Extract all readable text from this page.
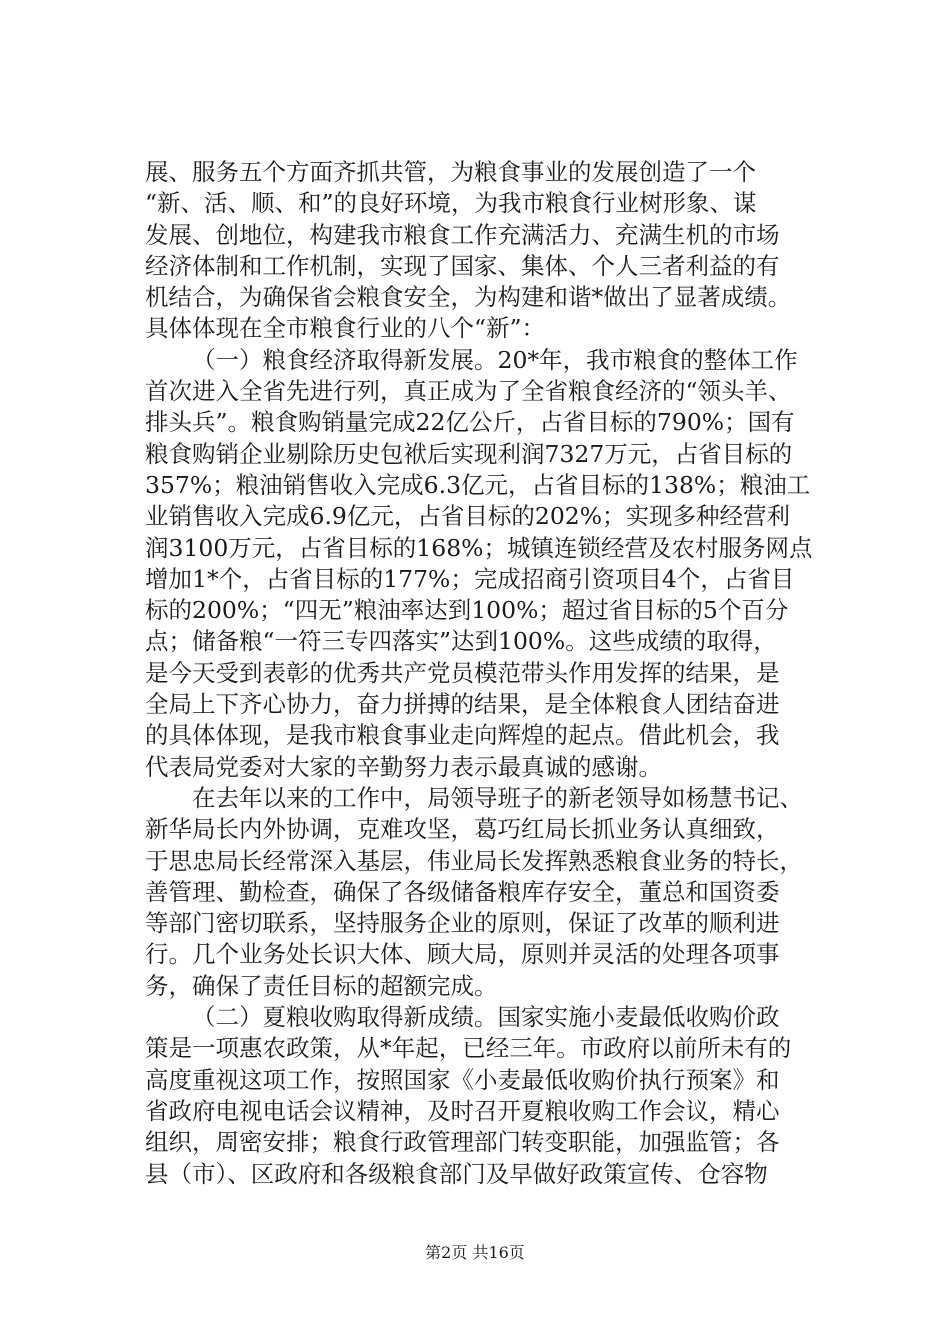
展、服务五个方面齐抓共管，为粮食事业的发展创造了一个
“新、活、顺、和”的良好环境，为我市粮食行业树形象、谋
发展、创地位，构建我市粮食工作充满活力、充满生机的市场
经济体制和工作机制，实现了国家、集体、个人三者利益的有
机结合，为确保省会粮食安全，为构建和谐*做出了显著成绩。
具体体现在全市粮食行业的八个“新”：
（一）粮食经济取得新发展。20*年，我市粮食的整体工作
首次进入全省先进行列，真正成为了全省粮食经济的“领头羊、
排头兵”。粮食购销量完成22亿公斤，占省目标的790%；国有
粮食购销企业剔除历史包袱后实现利润7327万元，占省目标的
357%；粮油销售收入完成6.3亿元，占省目标的138%；粮油工
业销售收入完成6.9亿元，占省目标的202%；实现多种经营利
润3100万元，占省目标的168%；城镇连锁经营及农村服务网点
增加1*个，占省目标的177%；完成招商引资项目4个，占省目
标的200%；“四无”粮油率达到100%；超过省目标的5个百分
点；储备粮“一符三专四落实”达到100%。这些成绩的取得，
是今天受到表彰的优秀共产党员模范带头作用发挥的结果，是
全局上下齐心协力，奋力拼搏的结果，是全体粮食人团结奋进
的具体体现，是我市粮食事业走向辉煌的起点。借此机会，我
代表局党委对大家的辛勤努力表示最真诚的感谢。
在去年以来的工作中，局领导班子的新老领导如杨慧书记、
新华局长内外协调，克难攻坚，葛巧红局长抓业务认真细致，
于思忠局长经常深入基层，伟业局长发挥熟悉粮食业务的特长，
善管理、勤检查，确保了各级储备粮库存安全，董总和国资委
等部门密切联系，坚持服务企业的原则，保证了改革的顺利进
行。几个业务处长识大体、顾大局，原则并灵活的处理各项事
务，确保了责任目标的超额完成。
（二）夏粮收购取得新成绩。国家实施小麦最低收购价政
策是一项惠农政策，从*年起，已经三年。市政府以前所未有的
高度重视这项工作，按照国家《小麦最低收购价执行预案》和
省政府电视电话会议精神，及时召开夏粮收购工作会议，精心
组织，周密安排；粮食行政管理部门转变职能，加强监管；各
县（市）、区政府和各级粮食部门及早做好政策宣传、仓容物
第2页 共16页
